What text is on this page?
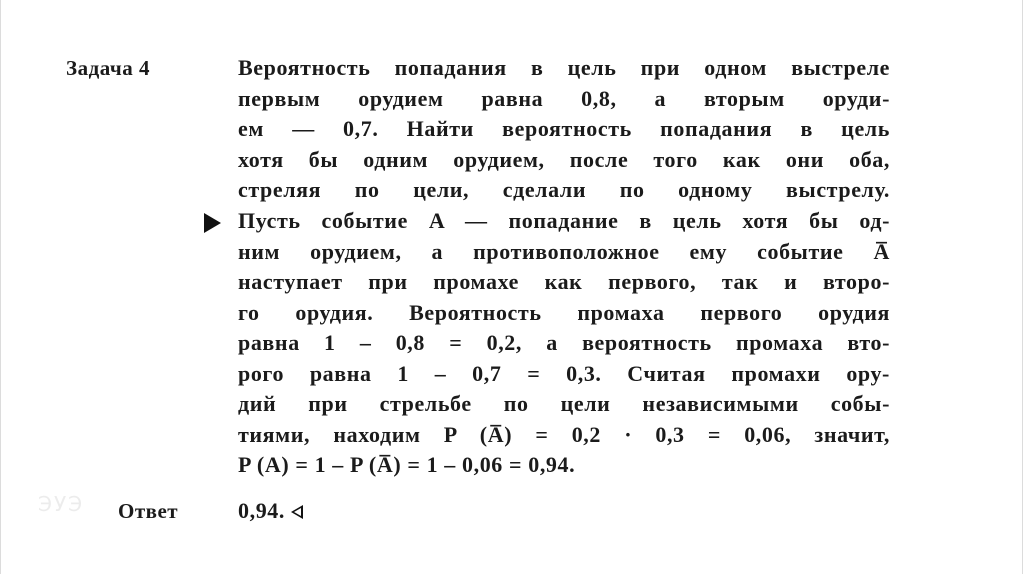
Задача 4	Вероятность попадания в цель при одном выстреле
первым орудием равна 0,8, а вторым оруди-
ем — 0,7. Найти вероятность попадания в цель
хотя бы одним орудием, после того как они оба,
стреляя по цели, сделали по одному выстрелу.
Пусть событие A — попадание в цель хотя бы од-
ним орудием, а противоположное ему событие A̅
наступает при промахе как первого, так и второ-
го орудия. Вероятность промаха первого орудия
равна 1 – 0,8 = 0,2, а вероятность промаха вто-
рого равна 1 – 0,7 = 0,3. Считая промахи ору-
дий при стрельбе по цели независимыми собы-
тиями, находим P (A̅) = 0,2 · 0,3 = 0,06, значит,
P (A) = 1 – P (A̅) = 1 – 0,06 = 0,94.
ЭУЭ Ответ	0,94.
